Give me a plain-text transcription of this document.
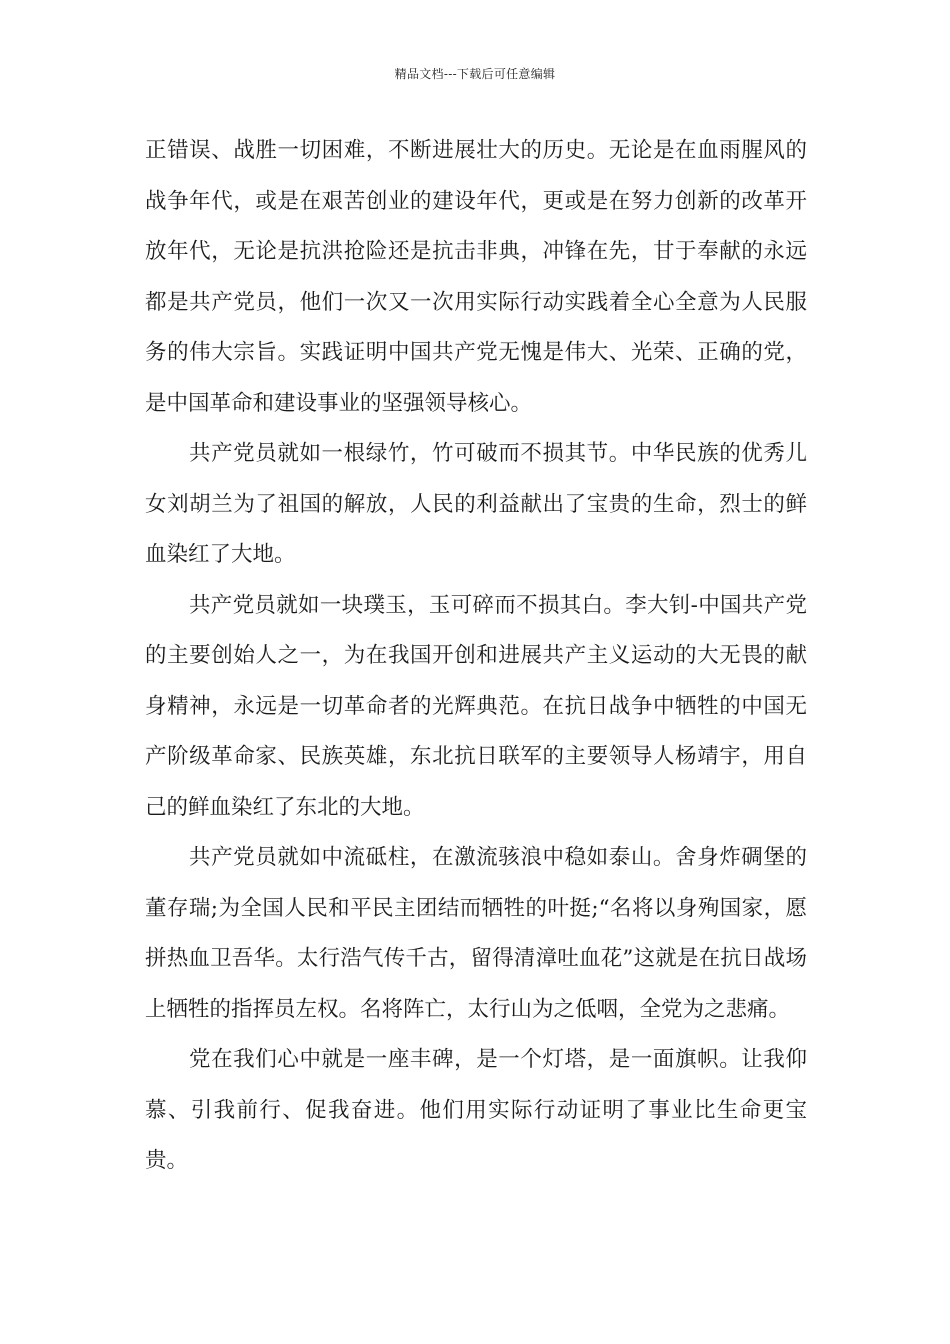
精品文档---下载后可任意编辑

正错误、战胜一切困难，不断进展壮大的历史。无论是在血雨腥风的战争年代，或是在艰苦创业的建设年代，更或是在努力创新的改革开放年代，无论是抗洪抢险还是抗击非典，冲锋在先，甘于奉献的永远都是共产党员，他们一次又一次用实际行动实践着全心全意为人民服务的伟大宗旨。实践证明中国共产党无愧是伟大、光荣、正确的党，是中国革命和建设事业的坚强领导核心。

共产党员就如一根绿竹，竹可破而不损其节。中华民族的优秀儿女刘胡兰为了祖国的解放，人民的利益献出了宝贵的生命，烈士的鲜血染红了大地。

共产党员就如一块璞玉，玉可碎而不损其白。李大钊-中国共产党的主要创始人之一，为在我国开创和进展共产主义运动的大无畏的献身精神，永远是一切革命者的光辉典范。在抗日战争中牺牲的中国无产阶级革命家、民族英雄，东北抗日联军的主要领导人杨靖宇，用自己的鲜血染红了东北的大地。

共产党员就如中流砥柱，在激流骇浪中稳如泰山。舍身炸碉堡的董存瑞;为全国人民和平民主团结而牺牲的叶挺;“名将以身殉国家，愿拼热血卫吾华。太行浩气传千古，留得清漳吐血花”这就是在抗日战场上牺牲的指挥员左权。名将阵亡，太行山为之低咽，全党为之悲痛。

党在我们心中就是一座丰碑，是一个灯塔，是一面旗帜。让我仰慕、引我前行、促我奋进。他们用实际行动证明了事业比生命更宝贵。
